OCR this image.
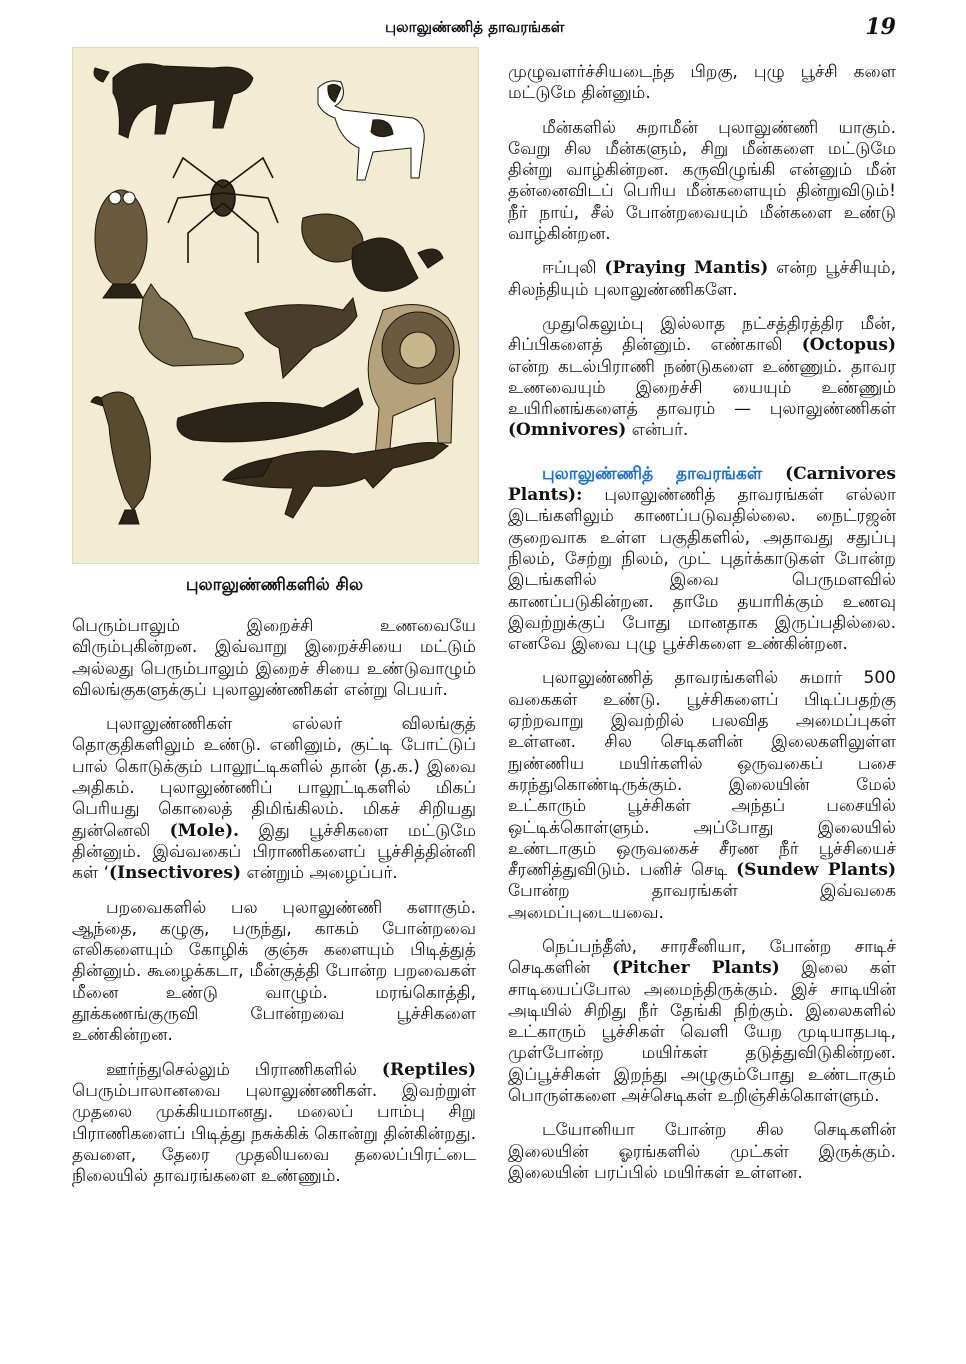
புலாலுண்ணித் தாவரங்கள்	19
புலாலுண்ணிகளில் சில

பெரும்பாலும் இறைச்சி உணவையே விரும்புகின்றன. இவ்வாறு இறைச்சியை மட்டும் அல்லது பெரும்பாலும் இறைச் சியை உண்டுவாழும் விலங்குகளுக்குப் புலாலுண்ணிகள் என்று பெயர்.

புலாலுண்ணிகள் எல்லர் விலங்குத் தொகுதிகளிலும் உண்டு. எனினும், குட்டி போட்டுப் பால் கொடுக்கும் பாலூட்டிகளில் தான் (த.க.) இவை அதிகம். புலாலுண்ணிப் பாலூட்டிகளில் மிகப் பெரியது கொலைத் திமிங்கிலம். மிகச் சிறியது துன்னெலி (Mole). இது பூச்சிகளை மட்டுமே தின்னும். இவ்வகைப் பிராணிகளைப் பூச்சித்தின்னி கள் ‘(Insectivores) என்றும் அழைப்பர்.

பறவைகளில் பல புலாலுண்ணி களாகும். ஆந்தை, கழுகு, பருந்து, காகம் போன்றவை எலிகளையும் கோழிக் குஞ்சு களையும் பிடித்துத் தின்னும். கூழைக்கடா, மீன்குத்தி போன்ற பறவைகள் மீனை உண்டு வாழும். மரங்கொத்தி, தூக்கணங்குருவி போன்றவை பூச்சிகளை உண்கின்றன.

ஊர்ந்துசெல்லும் பிராணிகளில் (Reptiles) பெரும்பாலானவை புலாலுண்ணிகள். இவற்றுள் முதலை முக்கியமானது. மலைப் பாம்பு சிறு பிராணிகளைப் பிடித்து நசுக்கிக் கொன்று தின்கின்றது. தவளை, தேரை முதலியவை தலைப்பிரட்டை நிலையில் தாவரங்களை உண்ணும்.

முழுவளர்ச்சியடைந்த பிறகு, புழு பூச்சி களை மட்டுமே தின்னும்.

மீன்களில் சுறாமீன் புலாலுண்ணி யாகும். வேறு சில மீன்களும், சிறு மீன்களை மட்டுமே தின்று வாழ்கின்றன. கருவிழுங்கி என்னும் மீன் தன்னைவிடப் பெரிய மீன்களையும் தின்றுவிடும்! நீர் நாய், சீல் போன்றவையும் மீன்களை உண்டு வாழ்கின்றன.

ஈப்புலி (Praying Mantis) என்ற பூச்சியும், சிலந்தியும் புலாலுண்ணிகளே.

முதுகெலும்பு இல்லாத நட்சத்திரத்திர மீன், சிப்பிகளைத் தின்னும். எண்காலி (Octopus) என்ற கடல்பிராணி நண்டுகளை உண்ணும். தாவர உணவையும் இறைச்சி யையும் உண்ணும் உயிரினங்களைத் தாவரம் — புலாலுண்ணிகள் (Omnivores) என்பர்.

புலாலுண்ணித் தாவரங்கள் (Carnivores Plants): புலாலுண்ணித் தாவரங்கள் எல்லா இடங்களிலும் காணப்படுவதில்லை. நைட்ரஜன் குறைவாக உள்ள பகுதிகளில், அதாவது சதுப்பு நிலம், சேற்று நிலம், முட் புதர்க்காடுகள் போன்ற இடங்களில் இவை பெருமளவில் காணப்படுகின்றன. தாமே தயாரிக்கும் உணவு இவற்றுக்குப் போது மானதாக இருப்பதில்லை. எனவே இவை புழு பூச்சிகளை உண்கின்றன.

புலாலுண்ணித் தாவரங்களில் சுமார் 500 வகைகள் உண்டு. பூச்சிகளைப் பிடிப்பதற்கு ஏற்றவாறு இவற்றில் பலவித அமைப்புகள் உள்ளன. சில செடிகளின் இலைகளிலுள்ள நுண்ணிய மயிர்களில் ஒருவகைப் பசை சுரந்துகொண்டிருக்கும். இலையின் மேல் உட்காரும் பூச்சிகள் அந்தப் பசையில் ஒட்டிக்கொள்ளும். அப்போது இலையில் உண்டாகும் ஒருவகைச் சீரண நீர் பூச்சியைச் சீரணித்துவிடும். பனிச் செடி (Sundew Plants) போன்ற தாவரங்கள் இவ்வகை அமைப்புடையவை.

நெப்பந்தீஸ், சாரசீனியா, போன்ற சாடிச் செடிகளின் (Pitcher Plants) இலை கள் சாடியைப்போல அமைந்திருக்கும். இச் சாடியின் அடியில் சிறிது நீர் தேங்கி நிற்கும். இலைகளில் உட்காரும் பூச்சிகள் வெளி யேற முடியாதபடி, முள்போன்ற மயிர்கள் தடுத்துவிடுகின்றன. இப்பூச்சிகள் இறந்து அழுகும்போது உண்டாகும் பொருள்களை அச்செடிகள் உறிஞ்சிக்கொள்ளும்.

டயோனியா போன்ற சில செடிகளின் இலையின் ஓரங்களில் முட்கள் இருக்கும். இலையின் பரப்பில் மயிர்கள் உள்ளன.
